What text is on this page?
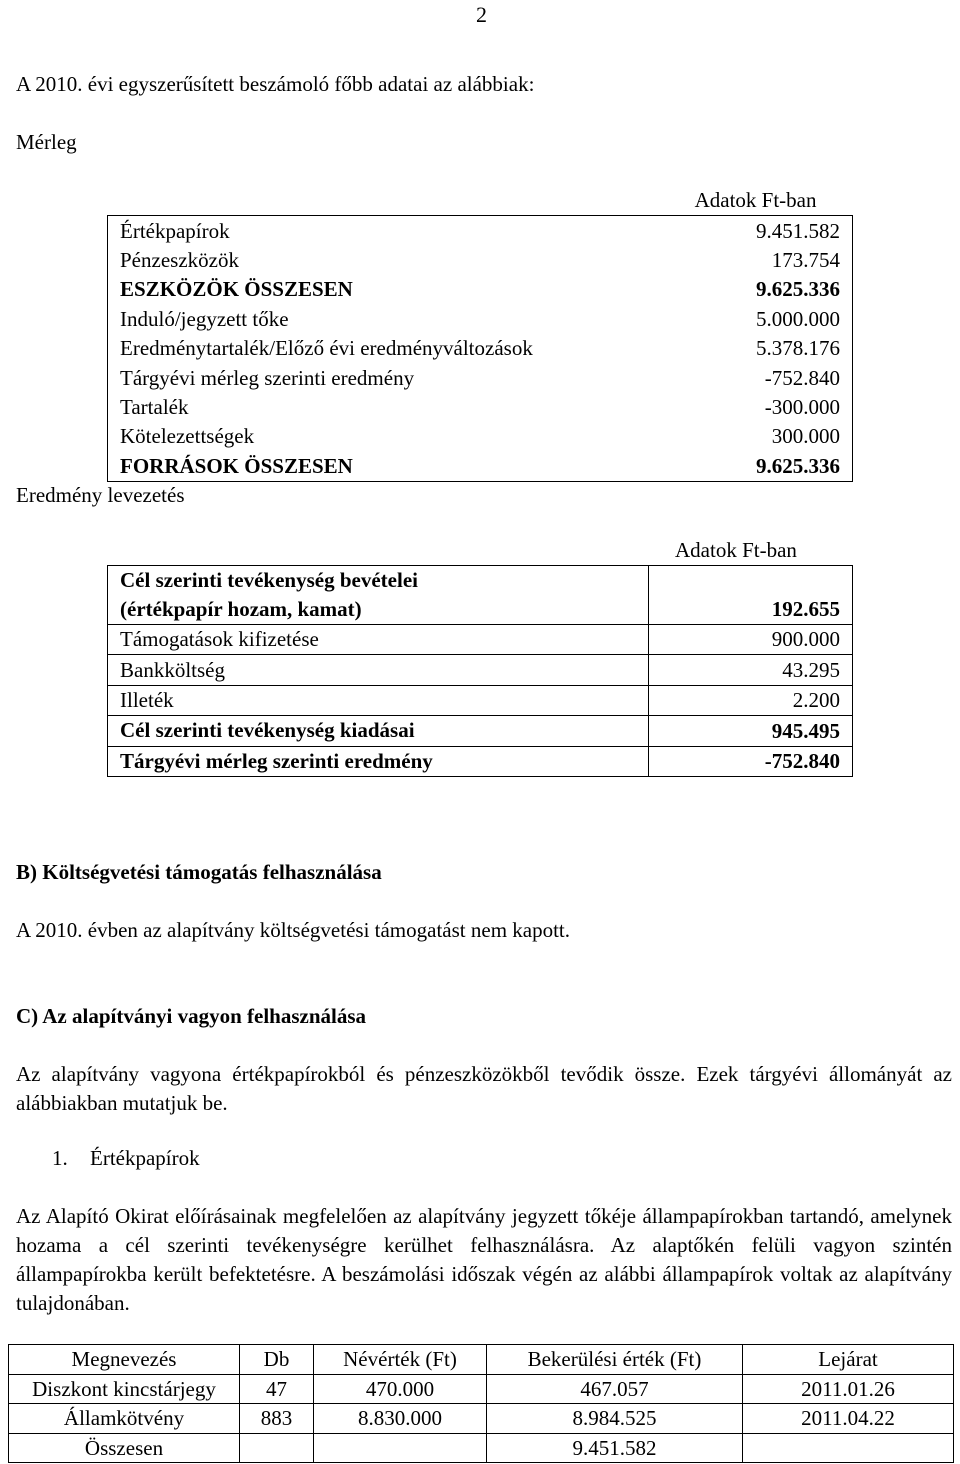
2
A 2010. évi egyszerűsített beszámoló főbb adatai az alábbiak:
Mérleg
	Adatok Ft-ban
Értékpapírok	9.451.582
Pénzeszközök	173.754
ESZKÖZÖK ÖSSZESEN	9.625.336
Induló/jegyzett tőke	5.000.000
Eredménytartalék/Előző évi eredményváltozások	5.378.176
Tárgyévi mérleg szerinti eredmény	-752.840
Tartalék	-300.000
Kötelezettségek	300.000
FORRÁSOK ÖSSZESEN	9.625.336
Eredmény levezetés
Adatok Ft-ban
Cél szerinti tevékenység bevételei
(értékpapír hozam, kamat)	192.655
Támogatások kifizetése	900.000
Bankköltség	43.295
Illeték	2.200
Cél szerinti tevékenység kiadásai	945.495
Tárgyévi mérleg szerinti eredmény	-752.840
B) Költségvetési támogatás felhasználása
A 2010. évben az alapítvány költségvetési támogatást nem kapott.
C) Az alapítványi vagyon felhasználása
Az alapítvány vagyona értékpapírokból és pénzeszközökből tevődik össze. Ezek tárgyévi állományát az alábbiakban mutatjuk be.
1. Értékpapírok
Az Alapító Okirat előírásainak megfelelően az alapítvány jegyzett tőkéje állampapírokban tartandó, amelynek hozama a cél szerinti tevékenységre kerülhet felhasználásra. Az alaptőkén felüli vagyon szintén állampapírokba került befektetésre. A beszámolási időszak végén az alábbi állampapírok voltak az alapítvány tulajdonában.
Megnevezés	Db	Névérték (Ft)	Bekerülési érték (Ft)	Lejárat
Diszkont kincstárjegy	47	470.000	467.057	2011.01.26
Államkötvény	883	8.830.000	8.984.525	2011.04.22
Összesen			9.451.582	
